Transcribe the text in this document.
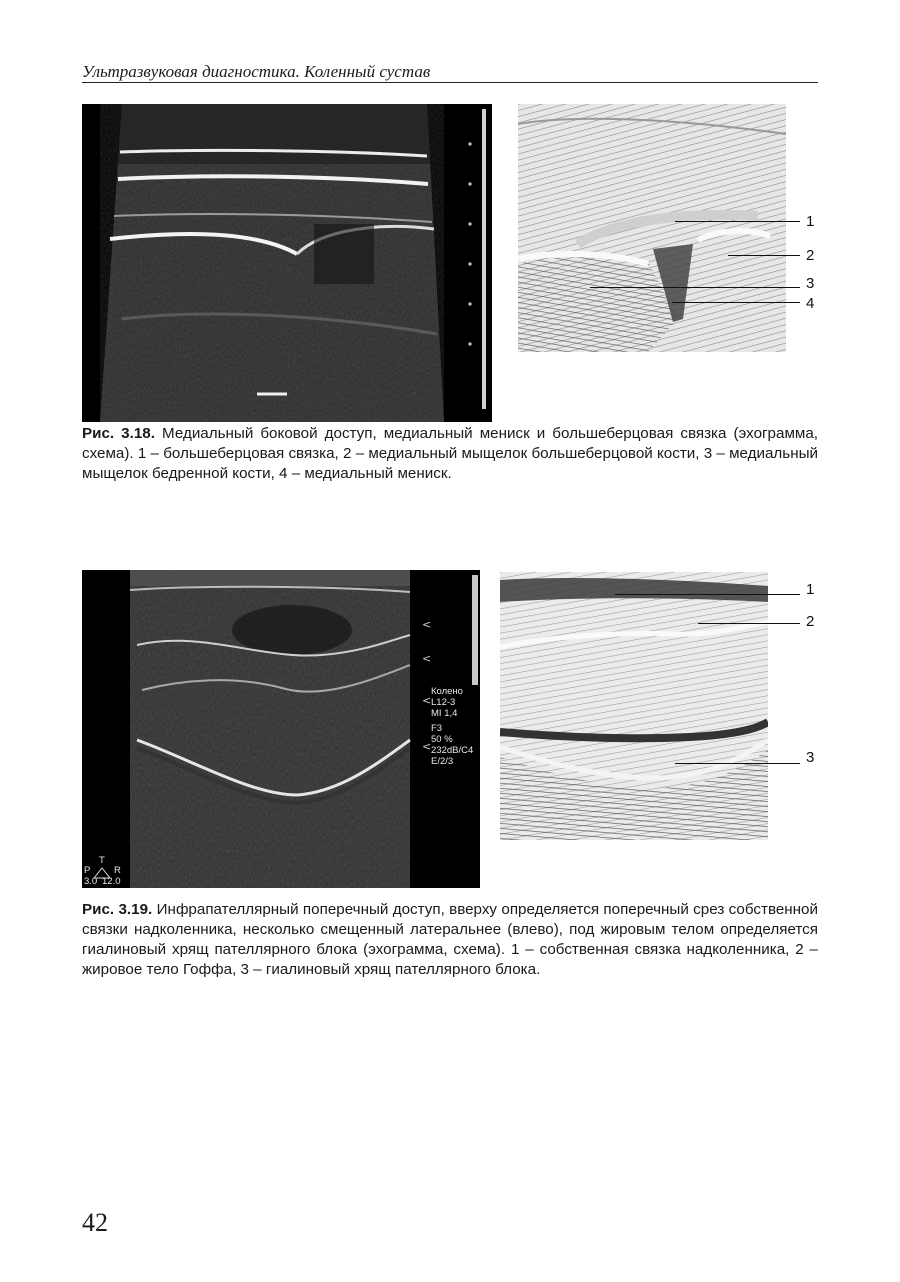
Ультразвуковая диагностика. Коленный сустав
1
2
3
4

Рис. 3.18. Медиальный боковой доступ, медиальный мениск и большеберцовая связка (эхограмма, схема). 1 – большеберцовая связка, 2 – медиальный мыщелок большеберцовой кости, 3 – медиальный мыщелок бедренной кости, 4 – медиальный мениск.

<
<
<
<
Колено
L12-3
MI 1,4
F3
50 %
232dB/C4
E/2/3
P
T
R
3.0 12.0
1
2
3

Рис. 3.19. Инфрапателлярный поперечный доступ, вверху определяется поперечный срез собственной связки надколенника, несколько смещенный латеральнее (влево), под жировым телом определяется гиалиновый хрящ пателлярного блока (эхограмма, схема). 1 – собственная связка надколенника, 2 – жировое тело Гоффа, 3 – гиалиновый хрящ пателлярного блока.

42
